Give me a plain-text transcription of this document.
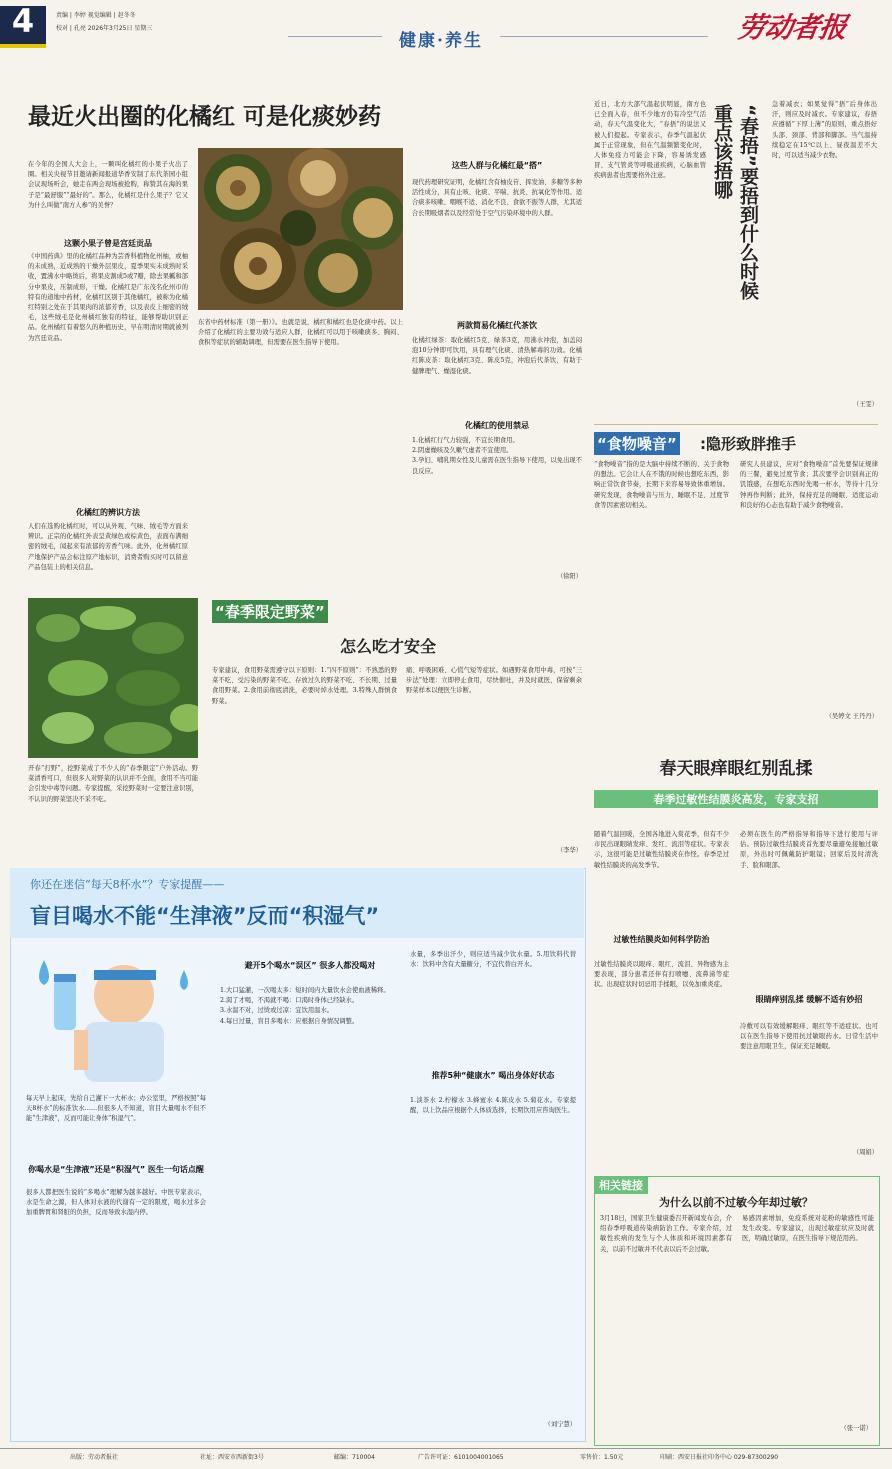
4	责编 | 李婷 视觉编辑 | 赵冬冬
校对 | 孔亮 2026年3月25日 星期三
健康·养生	劳动者报
最近火出圈的化橘红 可是化痰妙药
在今年的全国人大会上，一颗叫化橘红的小果子火出了圈。相关央视节目邀请新闻报道华香安制了东代茶园小组会议现场听会，她走在两会现场被抢购，称赞其在海的果子是“最舒服”“最好的”。那么，化橘红是什么果子？它又为什么叫做“南方人参”的美誉？
这颗小果子曾是宫廷贡品
《中国药典》里的化橘红品种为芸香科植物化州柚，或柚的未成熟，近成熟的干燥外层果皮，夏季果实未成熟时采收，置沸水中略烫后，将果皮割成5或7瓣，除去果瓤和部分中果皮，压制成形，干燥。化橘红是广东茂名化州市的特有的道地中药材，化橘红区别于其他橘红，被称为化橘红特别之处在于其果肉的浓郁芳香，以及表皮上细密的绒毛，这些绒毛是化州橘红独有的特征，能够帮助识别正品。化州橘红有着悠久的种植历史，早在明清时期就被列为宫廷贡品。
化橘红的辨识方法
人们在选购化橘红时，可以从外观、气味、绒毛等方面来辨识。正宗的化橘红外表呈黄绿色或棕黄色，表面布满细密的绒毛，闻起来有浓郁的芳香气味。此外，化州橘红原产地保护产品会标注原产地标识，消费者购买时可以留意产品包装上的相关信息。
东省中药材标准（第一册）》。也就是说，橘红和橘红也是化痰中药。以上介绍了化橘红的主要功效与适应人群，化橘红可以用于咳嗽痰多、胸闷、食积等症状的辅助调理，但需要在医生指导下使用。
这些人群与化橘红最“搭”
现代药理研究证明，化橘红含有柚皮苷、挥发油、多糖等多种活性成分，具有止咳、化痰、平喘、抗炎、抗氧化等作用。适合痰多咳嗽、咽喉不适、消化不良、食欲不振等人群，尤其适合长期吸烟者以及经常处于空气污染环境中的人群。
两款简易化橘红代茶饮
化橘红绿茶：取化橘红5克、绿茶3克，用沸水冲泡，加盖闷泡10分钟即可饮用，具有理气化痰、清热解毒的功效。化橘红陈皮茶：取化橘红3克、陈皮5克，冲泡后代茶饮，有助于健脾理气、燥湿化痰。
化橘红的使用禁忌
1.化橘红行气力较强，不宜长期食用。
2.阴虚燥咳及久嗽气虚者不宜使用。
3.孕妇、哺乳期女性及儿童需在医生指导下使用，以免出现不良反应。
（徐阳）
近日，北方大部气温起伏明显，南方也已全面入春，但不少地方仍有冷空气活动，春天气温变化大，“春捂”的说法又被人们提起。专家表示，春季气温起伏属于正常现象，但在气温频繁变化时，人体免疫力可能会下降，容易诱发感冒、支气管炎等呼吸道疾病，心脑血管疾病患者也需要格外注意。	重点该捂哪 “春捂”要捂到什么时候	急着减衣；如果觉得“捂”后身体出汗，则应及时减衣。专家建议，春捂应遵循“下厚上薄”的原则，重点捂好头部、颈部、背部和脚部。当气温持续稳定在15℃以上、昼夜温差不大时，可以适当减少衣物。
（王雯）
“食物噪音” :隐形致胖推手
“食物噪音”指的是大脑中持续不断的、关于食物的想法。它会让人在不饿的时候也想吃东西，影响正常饮食节奏，长期下来容易导致体重增加。研究发现，食物噪音与压力、睡眠不足、过度节食等因素密切相关。
研究人员建议，应对“食物噪音”首先要保证规律的三餐，避免过度节食；其次要学会识别真正的饥饿感，在想吃东西时先喝一杯水，等待十几分钟再作判断；此外，保持充足的睡眠、适度运动和良好的心态也有助于减少食物噪音。
（吴婷文 王丹丹）
“春季限定野菜”
怎么吃才安全
开春“打野”，挖野菜成了不少人的“春季限定”户外活动。野菜清香可口，但很多人对野菜的认识并不全面，食用不当可能会引发中毒等问题。专家提醒，采挖野菜时一定要注意识别，不认识的野菜坚决不采不吃。
专家建议，食用野菜需遵守以下原则：1.“四不原则”：不熟悉的野菜不吃、受污染的野菜不吃、存放过久的野菜不吃、不长期、过量食用野菜。2.食用前彻底清洗，必要时焯水处理。3.特殊人群慎食野菜。
痛、呼吸困难、心慌气短等症状。如遇野菜食用中毒，可按“三步法”处理：立即停止食用，尽快催吐，并及时就医，保留剩余野菜样本以便医生诊断。
（李华）
春天眼痒眼红别乱揉
春季过敏性结膜炎高发，专家支招
随着气温回暖，全国各地进入赏花季，但有不少市民出现眼睛发痒、发红、流泪等症状。专家表示，这很可能是过敏性结膜炎在作怪。春季是过敏性结膜炎的高发季节。
过敏性结膜炎如何科学防治
过敏性结膜炎以眼痒、眼红、流泪、异物感为主要表现，部分患者还伴有打喷嚏、流鼻涕等症状。出现症状时切忌用手揉眼，以免加重炎症。
必须在医生的严格指导和指导下进行使用与评估。预防过敏性结膜炎首先要尽量避免接触过敏原，外出时可佩戴防护眼镜；回家后及时清洗手、脸和眼部。
眼睛痒别乱揉 缓解不适有妙招
冷敷可以有效缓解眼痒、眼红等不适症状。也可以在医生指导下使用抗过敏眼药水。日常生活中要注意用眼卫生，保证充足睡眠。
（周娟）
相关链接
为什么以前不过敏今年却过敏？
3月18日，国家卫生健康委召开新闻发布会，介绍春季呼吸道传染病防治工作。专家介绍，过敏性疾病的发生与个人体质和环境因素都有关，以前不过敏并不代表以后不会过敏。
易感因素增加，免疫系统对花粉的敏感性可能发生改变。专家建议，出现过敏症状应及时就医，明确过敏原，在医生指导下规范用药。
（张一诺）
你还在迷信“每天8杯水”？专家提醒——
盲目喝水不能“生津液”反而“积湿气”
每天早上起床，先给自己灌下一大杯水；办公室里，严格按照“每天8杯水”的标准饮水……但很多人不知道，盲目大量喝水不但不能“生津液”，反而可能让身体“积湿气”。
你喝水是“生津液”还是“积湿气” 医生一句话点醒
很多人都把医生说的“多喝水”理解为越多越好。中医专家表示，水是生命之源，但人体对水液的代谢有一定的限度，喝水过多会加重脾胃和肾脏的负担，反而导致水湿内停。
避开5个喝水“误区” 很多人都没喝对
1.大口猛灌，一次喝太多：短时间内大量饮水会使血液稀释。
2.渴了才喝，不渴就不喝：口渴时身体已经缺水。
3.水温不对，过烫或过凉：宜饮用温水。
4.每日过量，盲目多喝水：应根据自身情况调整。
水量，多季出汗少，则应适当减少饮水量。5.用饮料代替水：饮料中含有大量糖分，不宜代替白开水。
推荐5种“健康水” 喝出身体好状态
1.淡茶水 2.柠檬水 3.蜂蜜水 4.陈皮水 5.菊花水。专家提醒，以上饮品应根据个人体质选择，长期饮用应咨询医生。
（刘宁慧）
出版：劳动者报社	社址：西安市西新街3号	邮编：710004	广告许可证：6101004001065	零售价：1.50元	印刷：西安日报社印务中心 029-87300290
